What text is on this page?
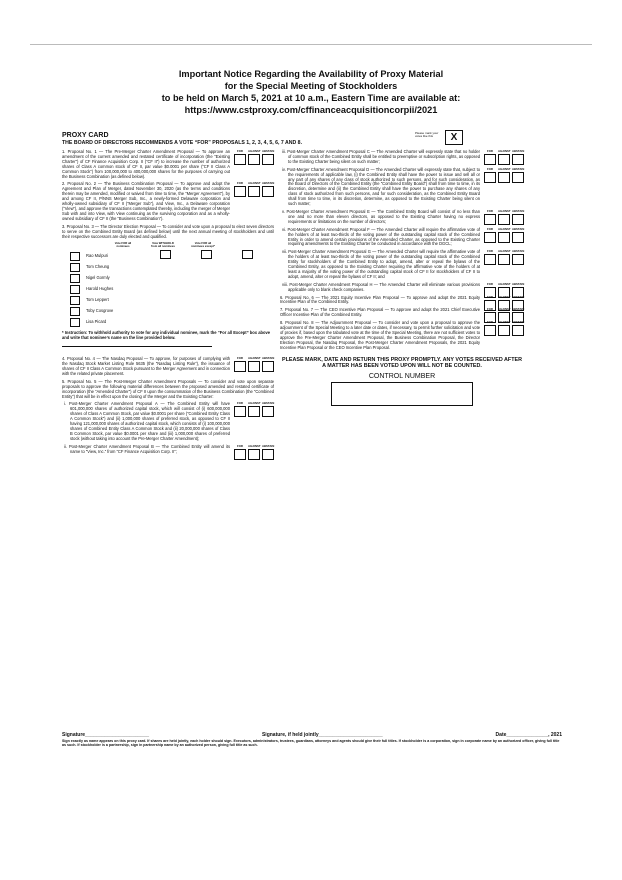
Important Notice Regarding the Availability of Proxy Material
for the Special Meeting of Stockholders
to be held on March 5, 2021 at 10 a.m., Eastern Time are available at:
https://www.cstproxy.com/cffinanceacquisitioncorpii/2021
PROXY CARD
THE BOARD OF DIRECTORS RECOMMENDS A VOTE “FOR” PROPOSALS 1, 2, 3, 4, 5, 6, 7 AND 8.
Please mark your votes like this	X
1. Proposal No. 1 — The Pre-Merger Charter Amendment Proposal — To approve an amendment of the current amended and restated certificate of incorporation (the “Existing Charter”) of CF Finance Acquisition Corp. II (“CF II”) to increase the number of authorized shares of Class A common stock of CF II, par value $0.0001 per share (“CF II Class A Common Stock”) from 100,000,000 to 400,000,000 shares for the purposes of carrying out the Business Combination (as defined below).
FOR	AGAINST ABSTAIN
2. Proposal No. 2 — The Business Combination Proposal — To approve and adopt the Agreement and Plan of Merger, dated November 30, 2020 (as the terms and conditions therein may be amended, modified or waived from time to time, the “Merger Agreement”), by and among CF II, P/NNS Merger Sub, Inc., a newly-formed Delaware corporation and wholly-owned subsidiary of CF II (“Merger Sub”), and View, Inc., a Delaware corporation (“View”), and approve the transactions contemplated thereby, including the merger of Merger Sub with and into View, with View continuing as the surviving corporation and as a wholly-owned subsidiary of CF II (the “Business Combination”).
FOR	AGAINST ABSTAIN
3. Proposal No. 3 — The Director Election Proposal — To consider and vote upon a proposal to elect seven directors to serve on the Combined Entity Board (as defined below) until the next annual meeting of stockholders and until their respective successors are duly elected and qualified.
Vote FOR all nominees
Vote WITHHOLD from all nominees
Vote FOR all nominees except*
Rao Mulpuri
Tom Cheung
Nigel Gormly
Harold Hughes
Tom Leppert
Toby Cosgrove
Lisa Picard
* Instruction: To withhold authority to vote for any individual nominee, mark the “For all Except” box above and write that nominee’s name on the line provided below.
4. Proposal No. 4 — The Nasdaq Proposal — To approve, for purposes of complying with the Nasdaq Stock Market Listing Rule 5635 (the “Nasdaq Listing Rule”), the issuance of shares of CF II Class A Common Stock pursuant to the Merger Agreement and in connection with the related private placement.
FOR	AGAINST ABSTAIN
5. Proposal No. 5 — The Post-Merger Charter Amendment Proposals — To consider and vote upon separate proposals to approve the following material differences between the proposed amended and restated certificate of incorporation (the “Amended Charter”) of CF II upon the consummation of the Business Combination (the “Combined Entity”) that will be in effect upon the closing of the Merger and the Existing Charter:
i. Post-Merger Charter Amendment Proposal A — The Combined Entity will have 601,000,000 shares of authorized capital stock, which will consist of (i) 600,000,000 shares of Class A Common Stock, par value $0.0001 per share (“Combined Entity Class A Common Stock”) and (ii) 1,000,000 shares of preferred stock, as opposed to CF II having 121,000,000 shares of authorized capital stock, which consists of (i) 100,000,000 shares of Combined Entity Class A Common Stock and (ii) 20,000,000 shares of Class B Common Stock, par value $0.0001 per share and (iii) 1,000,000 shares of preferred stock (without taking into account the Pre-Merger Charter Amendment);
FOR	AGAINST ABSTAIN
ii. Post-Merger Charter Amendment Proposal B — The Combined Entity will amend its name to “View, Inc.” from “CF Finance Acquisition Corp. II”;
FOR	AGAINST ABSTAIN
iii. Post-Merger Charter Amendment Proposal C — The Amended Charter will expressly state that no holder of common stock of the Combined Entity shall be entitled to preemptive or subscription rights, as opposed to the Existing Charter being silent on such matter;
FOR	AGAINST ABSTAIN
iv. Post-Merger Charter Amendment Proposal D — The Amended Charter will expressly state that, subject to the requirements of applicable law, (i) the Combined Entity shall have the power to issue and sell all or any part of any shares of any class of stock authorized to such persons, and for such consideration, as the Board of Directors of the Combined Entity (the “Combined Entity Board”) shall from time to time, in its discretion, determine and (ii) the Combined Entity shall have the power to purchase any shares of any class of stock authorized from such persons, and for such consideration, as the Combined Entity Board shall from time to time, in its discretion, determine, as opposed to the Existing Charter being silent on such matter;
FOR	AGAINST ABSTAIN
v. Post-Merger Charter Amendment Proposal E — The Combined Entity Board will consist of no less than one and no more than eleven directors, as opposed to the Existing Charter having no express requirements or limitations on the number of directors;
FOR	AGAINST ABSTAIN
vi. Post-Merger Charter Amendment Proposal F — The Amended Charter will require the affirmative vote of the holders of at least two-thirds of the voting power of the outstanding capital stock of the Combined Entity in order to amend certain provisions of the Amended Charter, as opposed to the Existing Charter requiring amendments to the Existing Charter be conducted in accordance with the DGCL;
FOR	AGAINST ABSTAIN
vii. Post-Merger Charter Amendment Proposal G — The Amended Charter will require the affirmative vote of the holders of at least two-thirds of the voting power of the outstanding capital stock of the Combined Entity for stockholders of the Combined Entity to adopt, amend, alter or repeal the bylaws of the Combined Entity, as opposed to the Existing Charter requiring the affirmative vote of the holders of at least a majority of the voting power of the outstanding capital stock of CF II for stockholders of CF II to adopt, amend, alter or repeal the bylaws of CF II; and
FOR	AGAINST ABSTAIN
viii. Post-Merger Charter Amendment Proposal H — The Amended Charter will eliminate various provisions applicable only to blank check companies.
FOR	AGAINST ABSTAIN
6. Proposal No. 6 — The 2021 Equity Incentive Plan Proposal — To approve and adopt the 2021 Equity Incentive Plan of the Combined Entity.
FOR	AGAINST ABSTAIN
7. Proposal No. 7 — The CEO Incentive Plan Proposal — To approve and adopt the 2021 Chief Executive Officer Incentive Plan of the Combined Entity.
FOR	AGAINST ABSTAIN
8. Proposal No. 8 — The Adjournment Proposal — To consider and vote upon a proposal to approve the adjournment of the Special Meeting to a later date or dates, if necessary, to permit further solicitation and vote of proxies if, based upon the tabulated vote at the time of the Special Meeting, there are not sufficient votes to approve the Pre-Merger Charter Amendment Proposal, the Business Combination Proposal, the Director Election Proposal, the Nasdaq Proposal, the Post-Merger Charter Amendment Proposals, the 2021 Equity Incentive Plan Proposal or the CEO Incentive Plan Proposal.
FOR	AGAINST ABSTAIN
PLEASE MARK, DATE AND RETURN THIS PROXY PROMPTLY. ANY VOTES RECEIVED AFTER A MATTER HAS BEEN VOTED UPON WILL NOT BE COUNTED.
CONTROL NUMBER
Signature_______________________	Signature, if held jointly_______________________	Date_______________, 2021
Sign exactly as name appears on this proxy card. If shares are held jointly, each holder should sign. Executors, administrators, trustees, guardians, attorneys and agents should give their full titles. If stockholder is a corporation, sign in corporate name by an authorized officer, giving full title as such. If stockholder is a partnership, sign in partnership name by an authorized person, giving full title as such.
